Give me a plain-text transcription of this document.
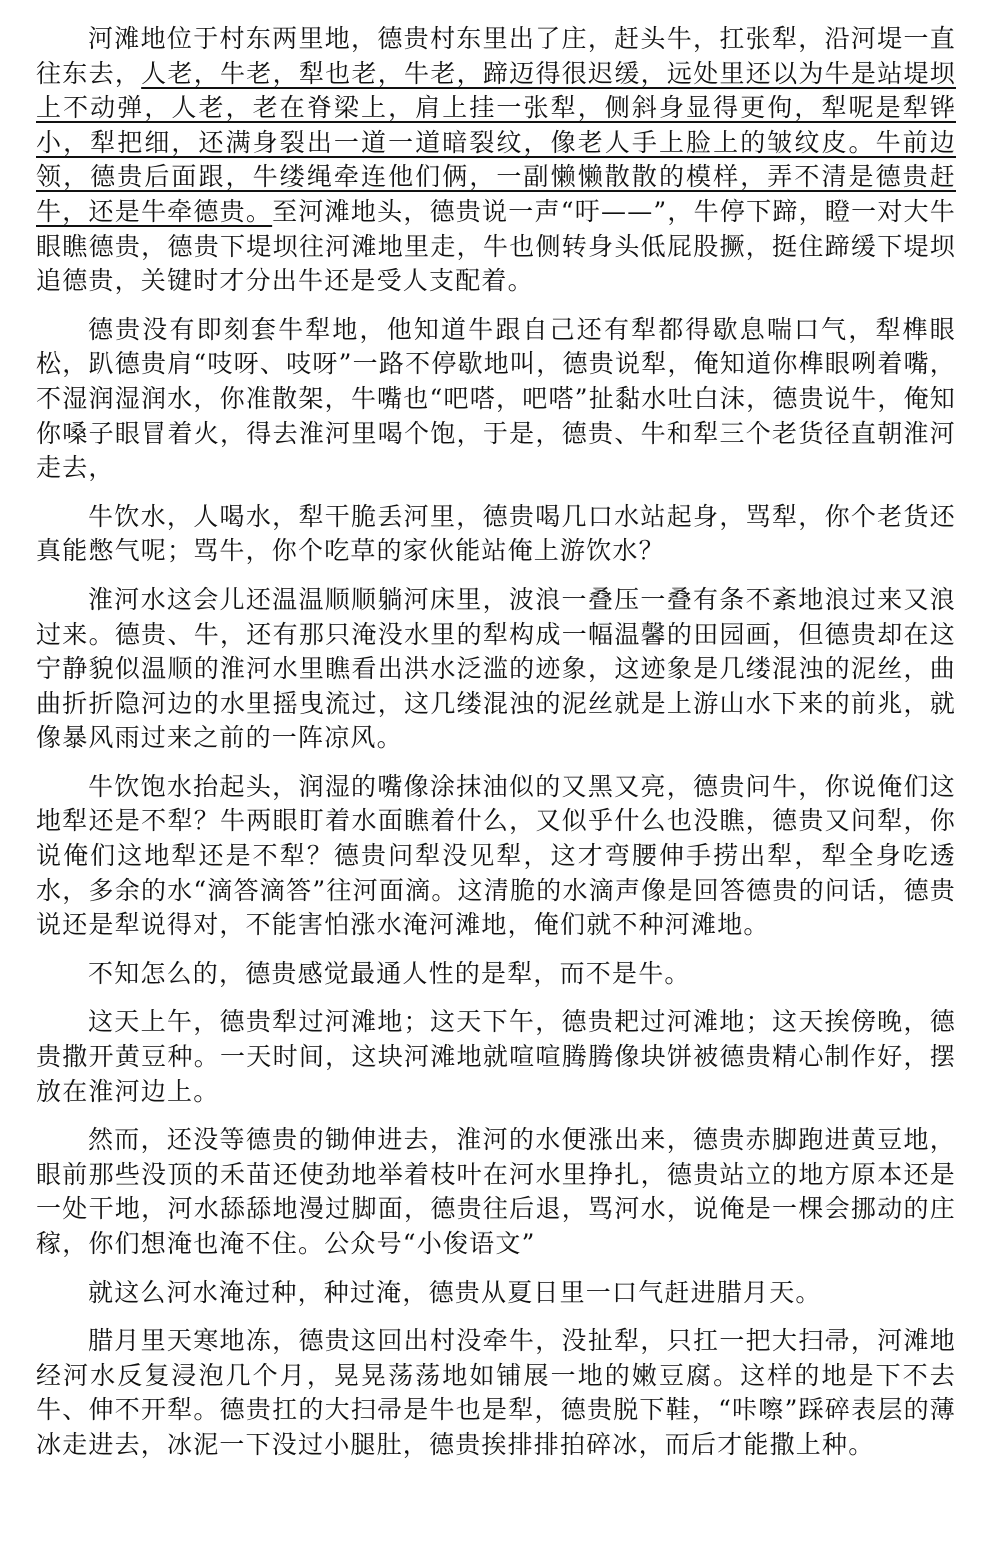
河滩地位于村东两里地，德贵村东里出了庄，赶头牛，扛张犁，沿河堤一直往东去，人老，牛老，犁也老，牛老，蹄迈得很迟缓，远处里还以为牛是站堤坝上不动弹，人老，老在脊梁上，肩上挂一张犁，侧斜身显得更佝，犁呢是犁铧小，犁把细，还满身裂出一道一道暗裂纹，像老人手上脸上的皱纹皮。牛前边领，德贵后面跟，牛缕绳牵连他们俩，一副懒懒散散的模样，弄不清是德贵赶牛，还是牛牵德贵。至河滩地头，德贵说一声“吁——”，牛停下蹄，瞪一对大牛眼瞧德贵，德贵下堤坝往河滩地里走，牛也侧转身头低屁股撅，挺住蹄缓下堤坝追德贵，关键时才分出牛还是受人支配着。

德贵没有即刻套牛犁地，他知道牛跟自己还有犁都得歇息喘口气，犁榫眼松，趴德贵肩“吱呀、吱呀”一路不停歇地叫，德贵说犁，俺知道你榫眼咧着嘴，不湿润湿润水，你准散架，牛嘴也“吧嗒，吧嗒”扯黏水吐白沫，德贵说牛，俺知你嗓子眼冒着火，得去淮河里喝个饱，于是，德贵、牛和犁三个老货径直朝淮河走去，

牛饮水，人喝水，犁干脆丢河里，德贵喝几口水站起身，骂犁，你个老货还真能憋气呢；骂牛，你个吃草的家伙能站俺上游饮水？

淮河水这会儿还温温顺顺躺河床里，波浪一叠压一叠有条不紊地浪过来又浪过来。德贵、牛，还有那只淹没水里的犁构成一幅温馨的田园画，但德贵却在这宁静貌似温顺的淮河水里瞧看出洪水泛滥的迹象，这迹象是几缕混浊的泥丝，曲曲折折隐河边的水里摇曳流过，这几缕混浊的泥丝就是上游山水下来的前兆，就像暴风雨过来之前的一阵凉风。

牛饮饱水抬起头，润湿的嘴像涂抹油似的又黑又亮，德贵问牛，你说俺们这地犁还是不犁？牛两眼盯着水面瞧着什么，又似乎什么也没瞧，德贵又问犁，你说俺们这地犁还是不犁？德贵问犁没见犁，这才弯腰伸手捞出犁，犁全身吃透水，多余的水“滴答滴答”往河面滴。这清脆的水滴声像是回答德贵的问话，德贵说还是犁说得对，不能害怕涨水淹河滩地，俺们就不种河滩地。

不知怎么的，德贵感觉最通人性的是犁，而不是牛。

这天上午，德贵犁过河滩地；这天下午，德贵耙过河滩地；这天挨傍晚，德贵撒开黄豆种。一天时间，这块河滩地就喧喧腾腾像块饼被德贵精心制作好，摆放在淮河边上。

然而，还没等德贵的锄伸进去，淮河的水便涨出来，德贵赤脚跑进黄豆地，眼前那些没顶的禾苗还使劲地举着枝叶在河水里挣扎，德贵站立的地方原本还是一处干地，河水舔舔地漫过脚面，德贵往后退，骂河水，说俺是一棵会挪动的庄稼，你们想淹也淹不住。公众号“小俊语文”

就这么河水淹过种，种过淹，德贵从夏日里一口气赶进腊月天。

腊月里天寒地冻，德贵这回出村没牵牛，没扯犁，只扛一把大扫帚，河滩地经河水反复浸泡几个月，晃晃荡荡地如铺展一地的嫩豆腐。这样的地是下不去牛、伸不开犁。德贵扛的大扫帚是牛也是犁，德贵脱下鞋，“咔嚓”踩碎表层的薄冰走进去，冰泥一下没过小腿肚，德贵挨排排拍碎冰，而后才能撒上种。
